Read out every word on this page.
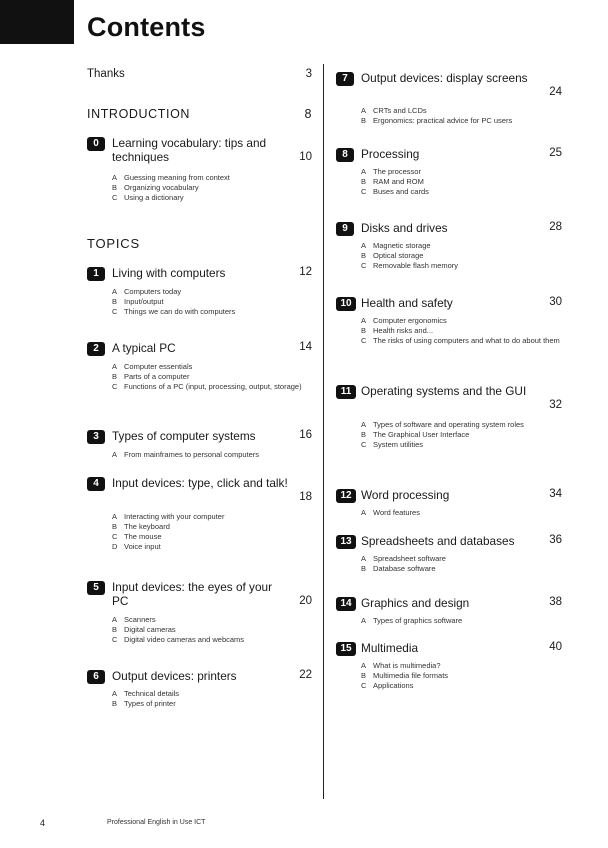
Contents
Thanks	3
INTRODUCTION	8
0	Learning vocabulary: tips and techniques	10
A Guessing meaning from context
B Organizing vocabulary
C Using a dictionary
TOPICS
1	Living with computers	12
A Computers today
B Input/output
C Things we can do with computers
2	A typical PC	14
A Computer essentials
B Parts of a computer
C Functions of a PC (input, processing, output, storage)
3	Types of computer systems	16
A From mainframes to personal computers
4	Input devices: type, click and talk!
18
A Interacting with your computer
B The keyboard
C The mouse
D Voice input
5	Input devices: the eyes of your PC	20
A Scanners
B Digital cameras
C Digital video cameras and webcams
6	Output devices: printers	22
A Technical details
B Types of printer
7	Output devices: display screens
24
A CRTs and LCDs
B Ergonomics: practical advice for PC users
8	Processing	25
A The processor
B RAM and ROM
C Buses and cards
9	Disks and drives	28
A Magnetic storage
B Optical storage
C Removable flash memory
10 Health and safety	30
A Computer ergonomics
B Health risks and...
C The risks of using computers and what to do about them
11 Operating systems and the GUI
32
A Types of software and operating system roles
B The Graphical User Interface
C System utilities
12 Word processing	34
A Word features
13 Spreadsheets and databases	36
A Spreadsheet software
B Database software
14 Graphics and design	38
A Types of graphics software
15 Multimedia	40
A What is multimedia?
B Multimedia file formats
C Applications
4	Professional English in Use ICT
